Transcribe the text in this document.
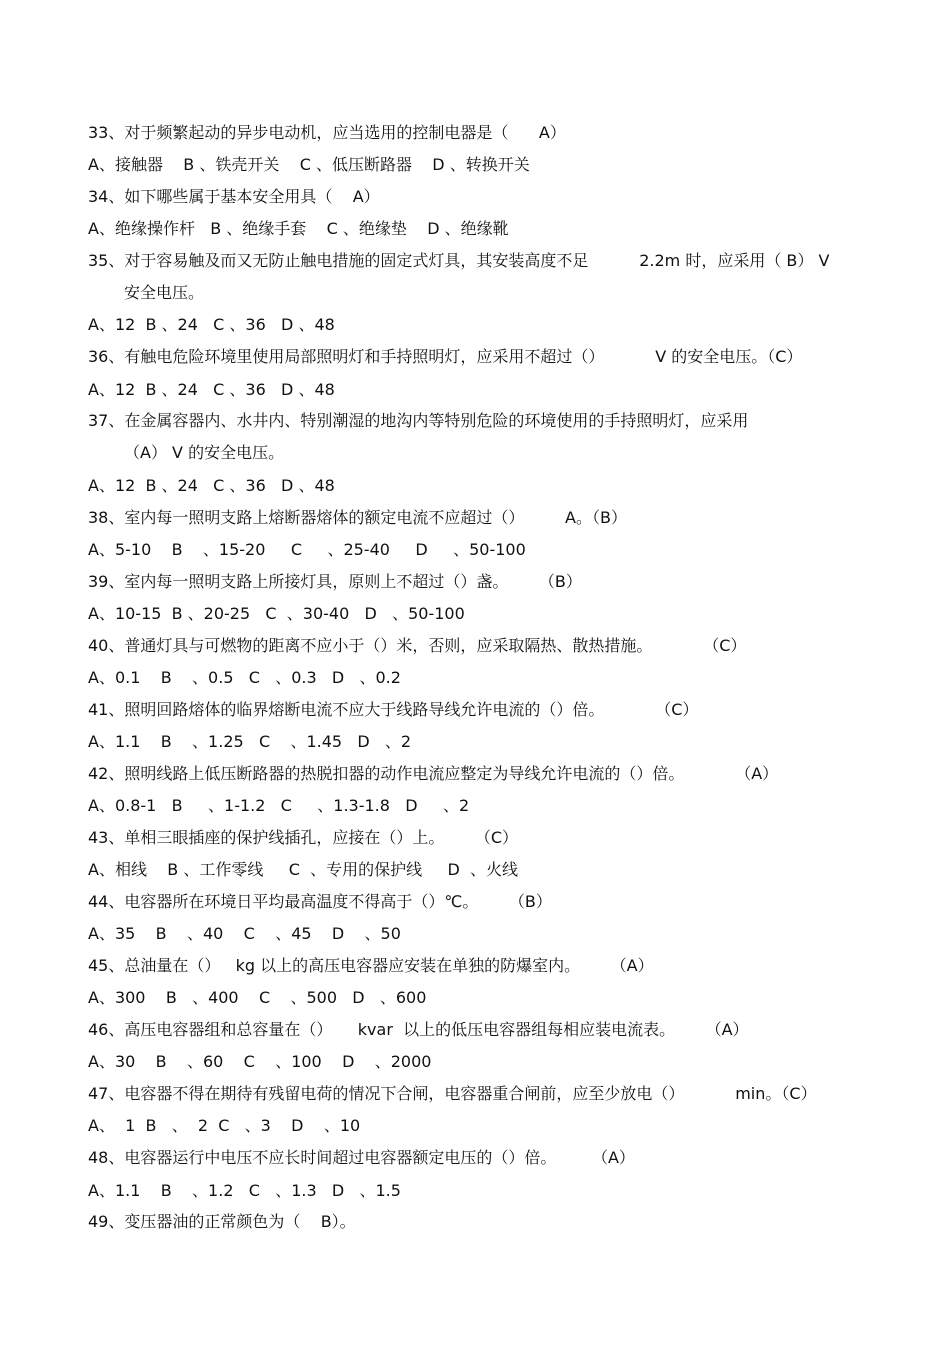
33、对于频繁起动的异步电动机，应当选用的控制电器是（      A）
A、接触器    B 、铁壳开关    C 、低压断路器    D 、转换开关
34、如下哪些属于基本安全用具（    A）
A、绝缘操作杆   B 、绝缘手套    C 、绝缘垫    D 、绝缘靴
35、对于容易触及而又无防止触电措施的固定式灯具，其安装高度不足          2.2m 时，应采用（ B） V
安全电压。
A、12  B 、24   C 、36   D 、48
36、有触电危险环境里使用局部照明灯和手持照明灯，应采用不超过（）          V 的安全电压。（C）
A、12  B 、24   C 、36   D 、48
37、在金属容器内、水井内、特别潮湿的地沟内等特别危险的环境使用的手持照明灯，应采用
（A） V 的安全电压。
A、12  B 、24   C 、36   D 、48
38、室内每一照明支路上熔断器熔体的额定电流不应超过（）        A。（B）
A、5-10    B    、15-20     C     、25-40     D     、50-100
39、室内每一照明支路上所接灯具，原则上不超过（）盏。      （B）
A、10-15  B 、20-25   C  、30-40   D   、50-100
40、普通灯具与可燃物的距离不应小于（）米，否则，应采取隔热、散热措施。          （C）
A、0.1    B    、0.5   C   、0.3   D   、0.2
41、照明回路熔体的临界熔断电流不应大于线路导线允许电流的（）倍。          （C）
A、1.1    B    、1.25   C    、1.45   D   、2
42、照明线路上低压断路器的热脱扣器的动作电流应整定为导线允许电流的（）倍。          （A）
A、0.8-1   B     、1-1.2   C     、1.3-1.8   D     、2
43、单相三眼插座的保护线插孔，应接在（）上。      （C）
A、相线    B 、工作零线     C  、专用的保护线     D  、火线
44、电容器所在环境日平均最高温度不得高于（）℃。      （B）
A、35    B    、40    C    、45    D    、50
45、总油量在（）   kg 以上的高压电容器应安装在单独的防爆室内。      （A）
A、300    B   、400    C    、500   D   、600
46、高压电容器组和总容量在（）     kvar  以上的低压电容器组每相应装电流表。      （A）
A、30    B    、60    C    、100    D    、2000
47、电容器不得在期待有残留电荷的情况下合闸，电容器重合闸前，应至少放电（）          min。（C）
A、  1  B   、  2  C   、3    D    、10
48、电容器运行中电压不应长时间超过电容器额定电压的（）倍。       （A）
A、1.1    B    、1.2   C   、1.3   D   、1.5
49、变压器油的正常颜色为（    B）。
